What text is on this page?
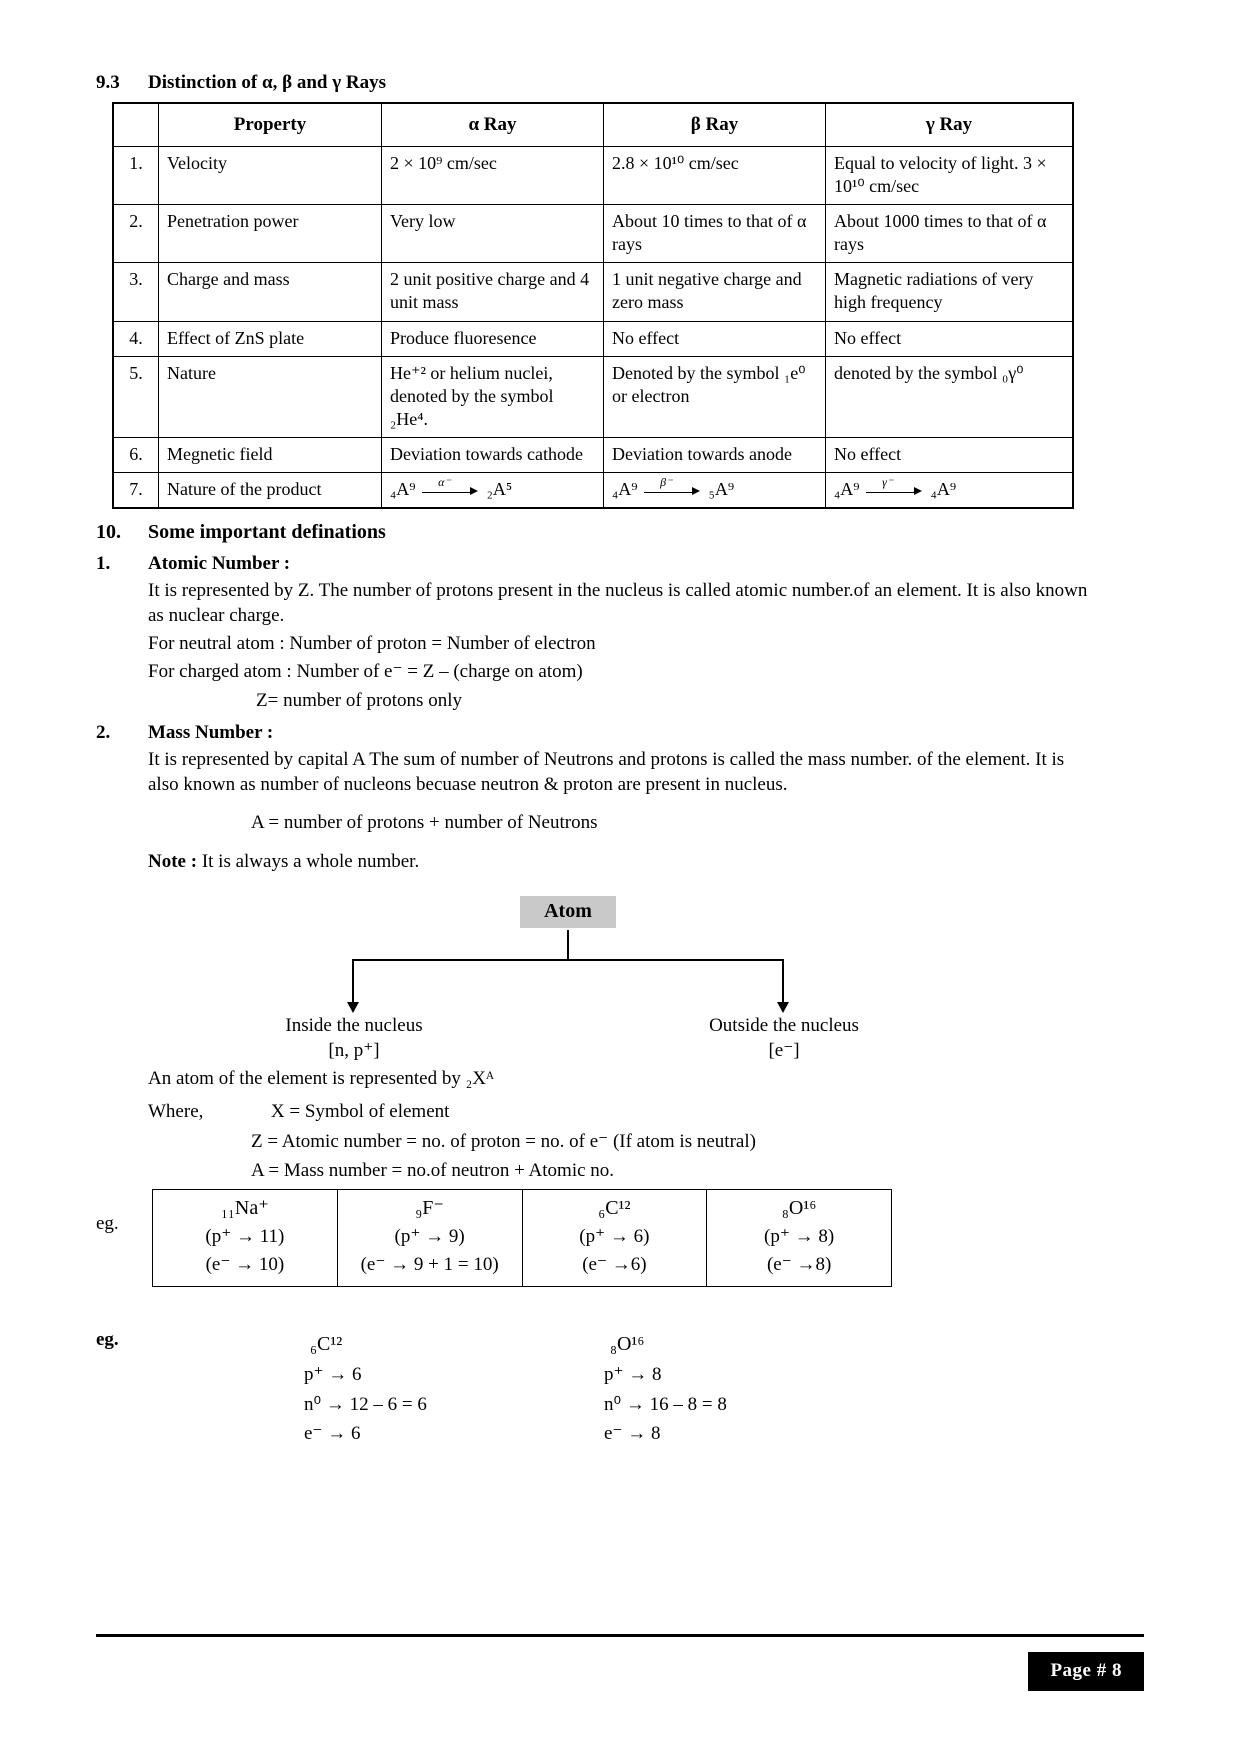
9.3	Distinction of α, β and γ Rays
	Property	α Ray	β Ray	γ Ray
1.	Velocity	2 × 10⁹ cm/sec	2.8 × 10¹⁰ cm/sec	Equal to velocity of light. 3 × 10¹⁰ cm/sec
2.	Penetration power	Very low	About 10 times to that of α rays	About 1000 times to that of α rays
3.	Charge and mass	2 unit positive charge and 4 unit mass	1 unit negative charge and zero mass	Magnetic radiations of very high frequency
4.	Effect of ZnS plate	Produce fluoresence	No effect	No effect
5.	Nature	He⁺² or helium nuclei, denoted by the symbol ₂He⁴.	Denoted by the symbol ₁e⁰ or electron	denoted by the symbol ₀γ⁰
6.	Megnetic field	Deviation towards cathode	Deviation towards anode	No effect
7.	Nature of the product	₄A⁹ α⁻ ₂A⁵	₄A⁹ β⁻ ₅A⁹	₄A⁹ γ⁻ ₄A⁹
10.	Some important definations
1.	Atomic Number :
It is represented by Z. The number of protons present in the nucleus is called atomic number.of an element. It is also known as nuclear charge.
For neutral atom : Number of proton = Number of electron
For charged atom : Number of e⁻ = Z – (charge on atom)
Z= number of protons only
2.	Mass Number :
It is represented by capital A The sum of number of Neutrons and protons is called the mass number. of the element. It is also known as number of nucleons becuase neutron & proton are present in nucleus.
A = number of protons + number of Neutrons
Note : It is always a whole number.
Atom
Inside the nucleus
[n, p⁺]
Outside the nucleus
[e⁻]
An atom of the element is represented by ₂Xᴬ
Where,	X = Symbol of element
Z = Atomic number = no. of proton = no. of e⁻ (If atom is neutral)
A = Mass number = no.of neutron + Atomic no.
eg.
₁₁Na⁺
(p⁺ → 11)
(e⁻ → 10)

₉F⁻
(p⁺ → 9)
(e⁻ → 9 + 1 = 10)

₆C¹²
(p⁺ → 6)
(e⁻ →6)

₈O¹⁶
(p⁺ → 8)
(e⁻ →8)
eg.	₆C¹²
p⁺ → 6
n⁰ → 12 – 6 = 6
e⁻ → 6
₈O¹⁶
p⁺ → 8
n⁰ → 16 – 8 = 8
e⁻ → 8
Page # 8
